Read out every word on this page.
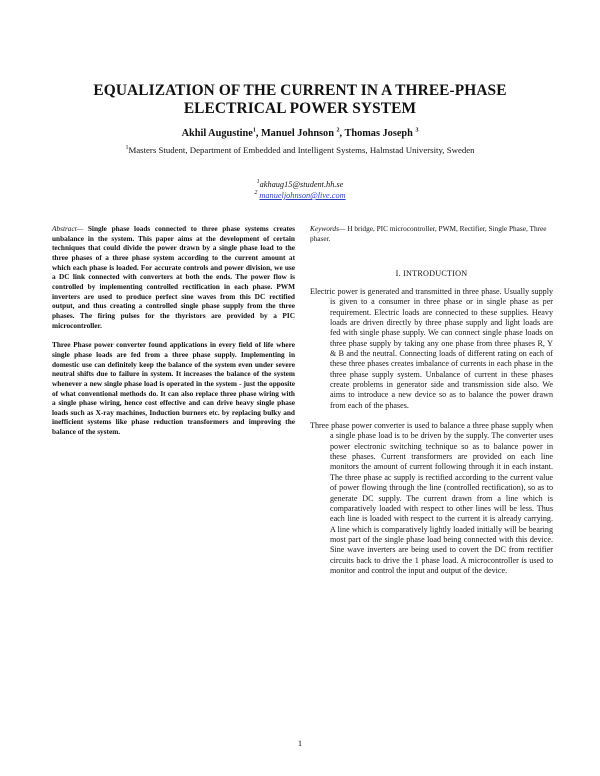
EQUALIZATION OF THE CURRENT IN A THREE-PHASE
ELECTRICAL POWER SYSTEM
Akhil Augustine$^1$, Manuel Johnson $^2$, Thomas Joseph $^3$
$^1$Masters Student, Department of Embedded and Intelligent Systems, Halmstad University, Sweden
$^1$akhaug15@student.hh.se
$^2$ manueljohnson@live.com

Abstract— Single phase loads connected to three phase systems creates unbalance in the system. This paper aims at the development of certain techniques that could divide the power drawn by a single phase load to the three phases of a three phase system according to the current amount at which each phase is loaded. For accurate controls and power division, we use a DC link connected with converters at both the ends. The power flow is controlled by implementing controlled rectification in each phase. PWM inverters are used to produce perfect sine waves from this DC rectified output, and thus creating a controlled single phase supply from the three phases. The firing pulses for the thyristors are provided by a PIC microcontroller.

Three Phase power converter found applications in every field of life where single phase loads are fed from a three phase supply. Implementing in domestic use can definitely keep the balance of the system even under severe neutral shifts due to failure in system. It increases the balance of the system whenever a new single phase load is operated in the system - just the opposite of what conventional methods do. It can also replace three phase wiring with a single phase wiring, hence cost effective and can drive heavy single phase loads such as X-ray machines, Induction burners etc. by replacing bulky and inefficient systems like phase reduction transformers and improving the balance of the system.

Keywords— H bridge, PIC microcontroller, PWM, Rectifier, Single Phase, Three phaser.

I. INTRODUCTION

Electric power is generated and transmitted in three phase. Usually supply is given to a consumer in three phase or in single phase as per requirement. Electric loads are connected to these supplies. Heavy loads are driven directly by three phase supply and light loads are fed with single phase supply. We can connect single phase loads on three phase supply by taking any one phase from three phases R, Y & B and the neutral. Connecting loads of different rating on each of these three phases creates imbalance of currents in each phase in the three phase supply system. Unbalance of current in these phases create problems in generator side and transmission side also. We aims to introduce a new device so as to balance the power drawn from each of the phases.

Three phase power converter is used to balance a three phase supply when a single phase load is to be driven by the supply. The converter uses power electronic switching technique so as to balance power in these phases. Current transformers are provided on each line monitors the amount of current following through it in each instant. The three phase ac supply is rectified according to the current value of power flowing through the line (controlled rectification), so as to generate DC supply. The current drawn from a line which is comparatively loaded with respect to other lines will be less. Thus each line is loaded with respect to the current it is already carrying. A line which is comparatively lightly loaded initially will be bearing most part of the single phase load being connected with this device. Sine wave inverters are being used to covert the DC from rectifier circuits back to drive the 1 phase load. A microcontroller is used to monitor and control the input and output of the device.

1
